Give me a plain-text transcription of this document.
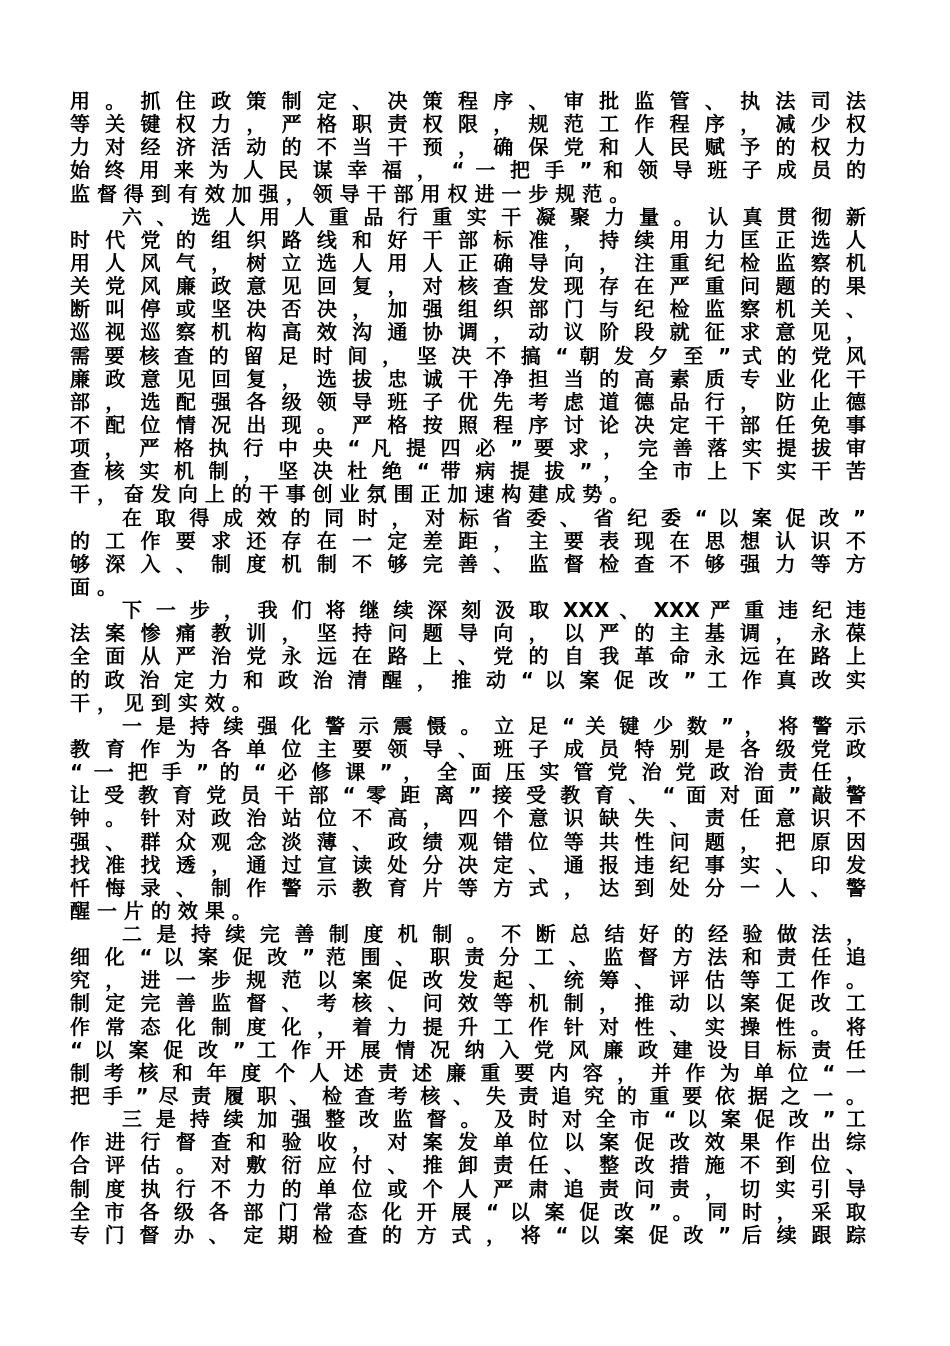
用 。 抓 住 政 策 制 定 、 决 策 程 序 、 审 批 监 管 、 执 法 司 法
等 关 键 权 力 ， 严 格 职 责 权 限 ， 规 范 工 作 程 序 ， 减 少 权
力 对 经 济 活 动 的 不 当 干 预 ， 确 保 党 和 人 民 赋 予 的 权 力
始 终 用 来 为 人 民 谋 幸 福 ， “ 一 把 手 ” 和 领 导 班 子 成 员 的
监 督 得 到 有 效 加 强 ， 领 导 干 部 用 权 进 一 步 规 范 。
六 、 选 人 用 人 重 品 行 重 实 干 凝 聚 力 量 。 认 真 贯 彻 新
时 代 党 的 组 织 路 线 和 好 干 部 标 准 ， 持 续 用 力 匡 正 选 人
用 人 风 气 ， 树 立 选 人 用 人 正 确 导 向 ， 注 重 纪 检 监 察 机
关 党 风 廉 政 意 见 回 复 ， 对 核 查 发 现 存 在 严 重 问 题 的 果
断 叫 停 或 坚 决 否 决 ， 加 强 组 织 部 门 与 纪 检 监 察 机 关 、
巡 视 巡 察 机 构 高 效 沟 通 协 调 ， 动 议 阶 段 就 征 求 意 见 ，
需 要 核 查 的 留 足 时 间 ， 坚 决 不 搞 “ 朝 发 夕 至 ” 式 的 党 风
廉 政 意 见 回 复 ， 选 拔 忠 诚 干 净 担 当 的 高 素 质 专 业 化 干
部 ， 选 配 强 各 级 领 导 班 子 优 先 考 虑 道 德 品 行 ， 防 止 德
不 配 位 情 况 出 现 。 严 格 按 照 程 序 讨 论 决 定 干 部 任 免 事
项 ， 严 格 执 行 中 央 “ 凡 提 四 必 ” 要 求 ， 完 善 落 实 提 拔 审
查 核 实 机 制 ， 坚 决 杜 绝 “ 带 病 提 拔 ” ， 全 市 上 下 实 干 苦
干 ， 奋 发 向 上 的 干 事 创 业 氛 围 正 加 速 构 建 成 势 。
在 取 得 成 效 的 同 时 ， 对 标 省 委 、 省 纪 委 “ 以 案 促 改 ”
的 工 作 要 求 还 存 在 一 定 差 距 ， 主 要 表 现 在 思 想 认 识 不
够 深 入 、 制 度 机 制 不 够 完 善 、 监 督 检 查 不 够 强 力 等 方
面 。
下 一 步 ， 我 们 将 继 续 深 刻 汲 取 XXX 、 XXX 严 重 违 纪 违
法 案 惨 痛 教 训 ， 坚 持 问 题 导 向 ， 以 严 的 主 基 调 ， 永 葆
全 面 从 严 治 党 永 远 在 路 上 、 党 的 自 我 革 命 永 远 在 路 上
的 政 治 定 力 和 政 治 清 醒 ， 推 动 “ 以 案 促 改 ” 工 作 真 改 实
干 ， 见 到 实 效 。
一 是 持 续 强 化 警 示 震 慑 。 立 足 “ 关 键 少 数 ” ， 将 警 示
教 育 作 为 各 单 位 主 要 领 导 、 班 子 成 员 特 别 是 各 级 党 政
“ 一 把 手 ” 的 “ 必 修 课 ” ， 全 面 压 实 管 党 治 党 政 治 责 任 ，
让 受 教 育 党 员 干 部 “ 零 距 离 ” 接 受 教 育 、 “ 面 对 面 ” 敲 警
钟 。 针 对 政 治 站 位 不 高 ， 四 个 意 识 缺 失 、 责 任 意 识 不
强 、 群 众 观 念 淡 薄 、 政 绩 观 错 位 等 共 性 问 题 ， 把 原 因
找 准 找 透 ， 通 过 宣 读 处 分 决 定 、 通 报 违 纪 事 实 、 印 发
忏 悔 录 、 制 作 警 示 教 育 片 等 方 式 ， 达 到 处 分 一 人 、 警
醒 一 片 的 效 果 。
二 是 持 续 完 善 制 度 机 制 。 不 断 总 结 好 的 经 验 做 法 ，
细 化 “ 以 案 促 改 ” 范 围 、 职 责 分 工 、 监 督 方 法 和 责 任 追
究 ， 进 一 步 规 范 以 案 促 改 发 起 、 统 筹 、 评 估 等 工 作 。
制 定 完 善 监 督 、 考 核 、 问 效 等 机 制 ， 推 动 以 案 促 改 工
作 常 态 化 制 度 化 ， 着 力 提 升 工 作 针 对 性 、 实 操 性 。 将
“ 以 案 促 改 ” 工 作 开 展 情 况 纳 入 党 风 廉 政 建 设 目 标 责 任
制 考 核 和 年 度 个 人 述 责 述 廉 重 要 内 容 ， 并 作 为 单 位 “ 一
把 手 ” 尽 责 履 职 、 检 查 考 核 、 失 责 追 究 的 重 要 依 据 之 一 。
三 是 持 续 加 强 整 改 监 督 。 及 时 对 全 市 “ 以 案 促 改 ” 工
作 进 行 督 查 和 验 收 ， 对 案 发 单 位 以 案 促 改 效 果 作 出 综
合 评 估 。 对 敷 衍 应 付 、 推 卸 责 任 、 整 改 措 施 不 到 位 、
制 度 执 行 不 力 的 单 位 或 个 人 严 肃 追 责 问 责 ， 切 实 引 导
全 市 各 级 各 部 门 常 态 化 开 展 “ 以 案 促 改 ” 。 同 时 ， 采 取
专 门 督 办 、 定 期 检 查 的 方 式 ， 将 “ 以 案 促 改 ” 后 续 跟 踪
